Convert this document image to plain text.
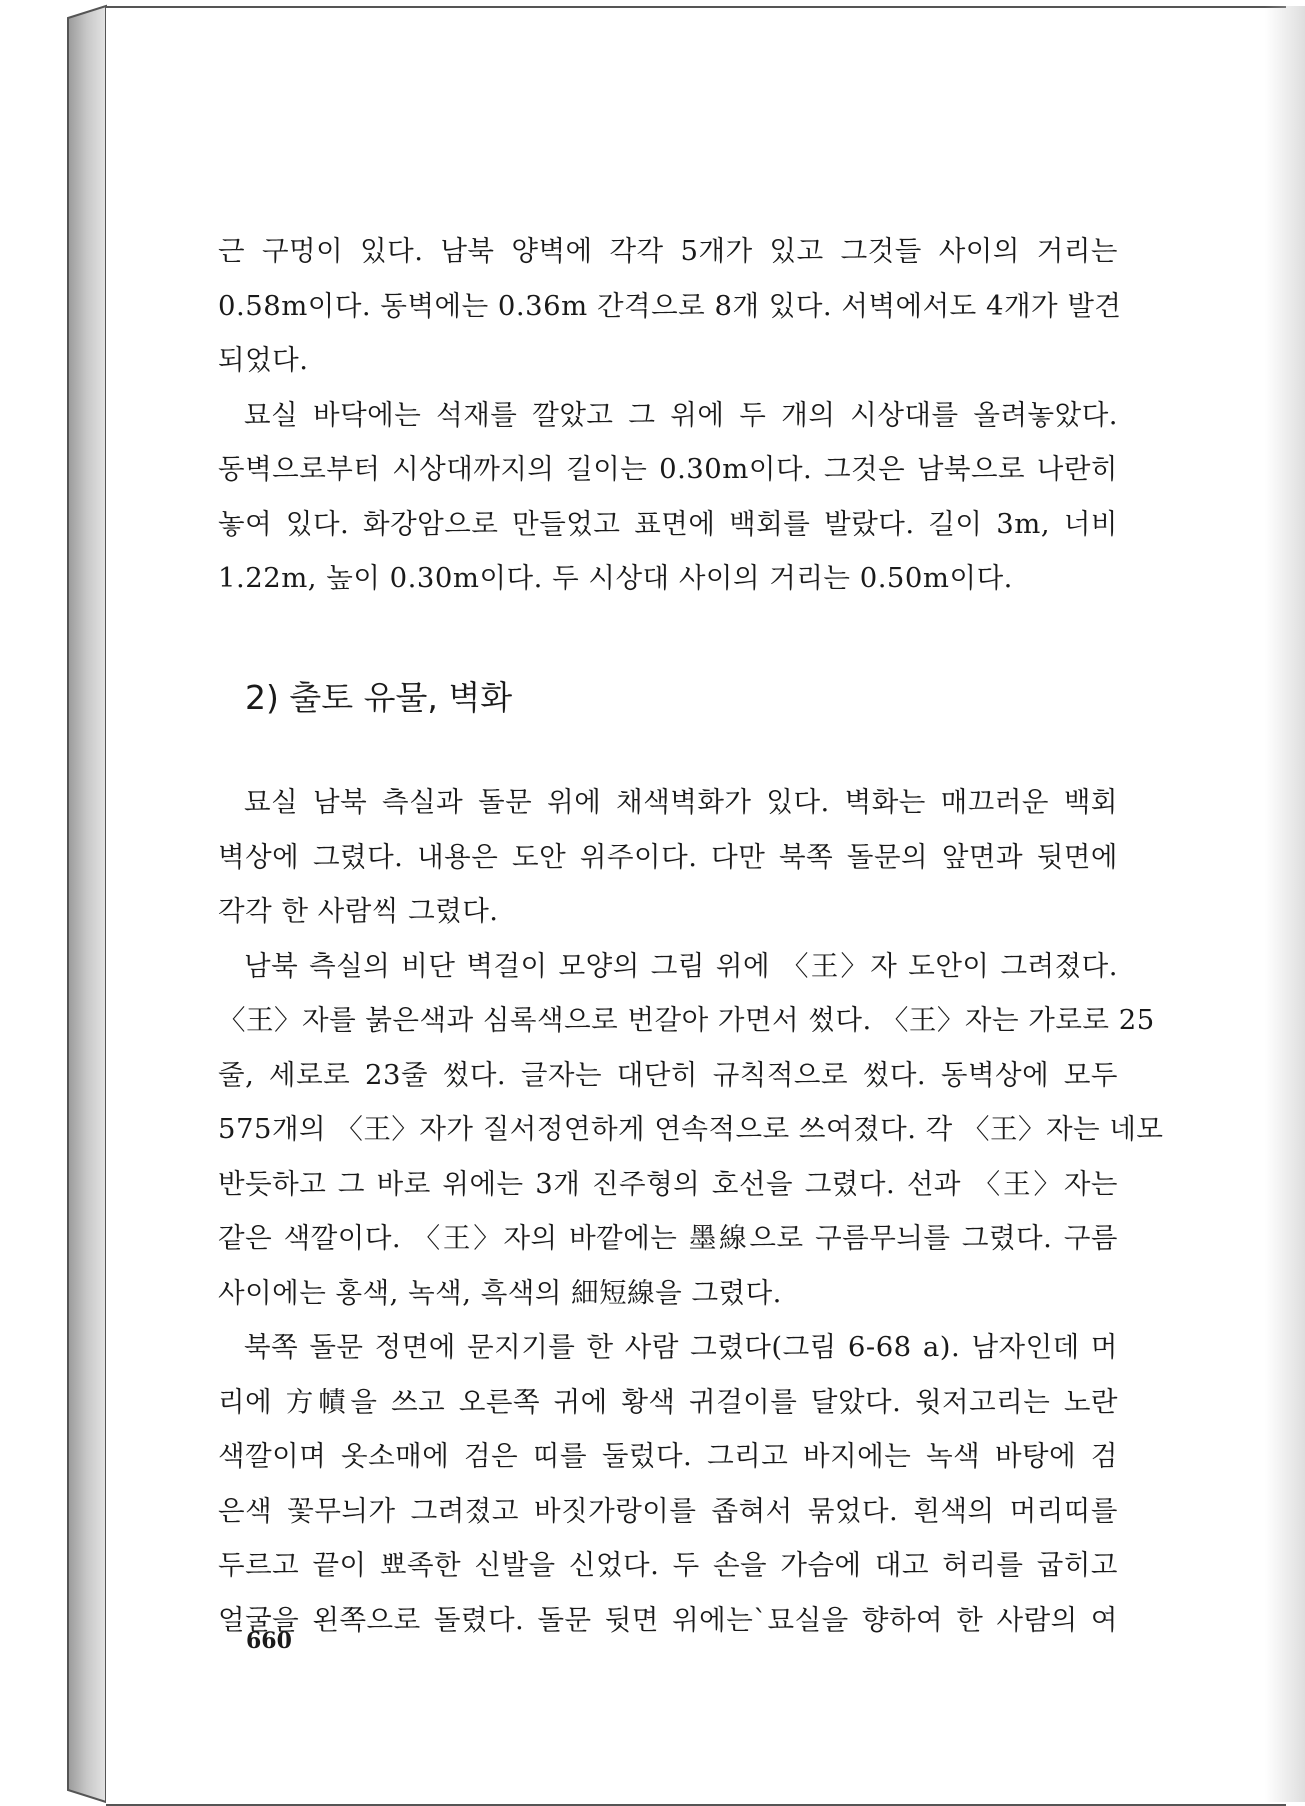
근 구멍이 있다. 남북 양벽에 각각 5개가 있고 그것들 사이의 거리는
0.58m이다. 동벽에는 0.36m 간격으로 8개 있다. 서벽에서도 4개가 발견
되었다.
묘실 바닥에는 석재를 깔았고 그 위에 두 개의 시상대를 올려놓았다.
동벽으로부터 시상대까지의 길이는 0.30m이다. 그것은 남북으로 나란히
놓여 있다. 화강암으로 만들었고 표면에 백회를 발랐다. 길이 3m, 너비
1.22m, 높이 0.30m이다. 두 시상대 사이의 거리는 0.50m이다.
2) 출토 유물, 벽화
묘실 남북 측실과 돌문 위에 채색벽화가 있다. 벽화는 매끄러운 백회
벽상에 그렸다. 내용은 도안 위주이다. 다만 북쪽 돌문의 앞면과 뒷면에
각각 한 사람씩 그렸다.
남북 측실의 비단 벽걸이 모양의 그림 위에 〈王〉자 도안이 그려졌다.
〈王〉자를 붉은색과 심록색으로 번갈아 가면서 썼다. 〈王〉자는 가로로 25
줄, 세로로 23줄 썼다. 글자는 대단히 규칙적으로 썼다. 동벽상에 모두
575개의 〈王〉자가 질서정연하게 연속적으로 쓰여졌다. 각 〈王〉자는 네모
반듯하고 그 바로 위에는 3개 진주형의 호선을 그렸다. 선과 〈王〉자는
같은 색깔이다. 〈王〉자의 바깥에는 墨線으로 구름무늬를 그렸다. 구름
사이에는 홍색, 녹색, 흑색의 細短線을 그렸다.
북쪽 돌문 정면에 문지기를 한 사람 그렸다(그림 6-68 a). 남자인데 머
리에 方幘을 쓰고 오른쪽 귀에 황색 귀걸이를 달았다. 윗저고리는 노란
색깔이며 옷소매에 검은 띠를 둘렀다. 그리고 바지에는 녹색 바탕에 검
은색 꽃무늬가 그려졌고 바짓가랑이를 좁혀서 묶었다. 흰색의 머리띠를
두르고 끝이 뾰족한 신발을 신었다. 두 손을 가슴에 대고 허리를 굽히고
얼굴을 왼쪽으로 돌렸다. 돌문 뒷면 위에는`묘실을 향하여 한 사람의 여
660
